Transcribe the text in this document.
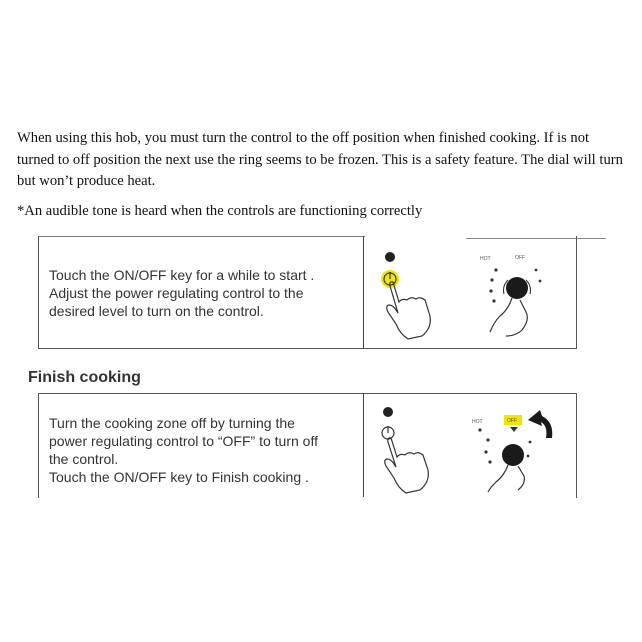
When using this hob, you must turn the control to the off position when finished cooking. If is not turned to off position the next use the ring seems to be frozen. This is a safety feature. The dial will turn but won’t produce heat.
*An audible tone is heard when the controls are functioning correctly
Touch the ON/OFF key for a while to start .
Adjust the power regulating control to the
desired level to turn on the control.
HOT	OFF
Finish cooking
Turn the cooking zone off by turning the
power regulating control to “OFF” to turn off
the control.
Touch the ON/OFF key to Finish cooking .
HOT	OFF
